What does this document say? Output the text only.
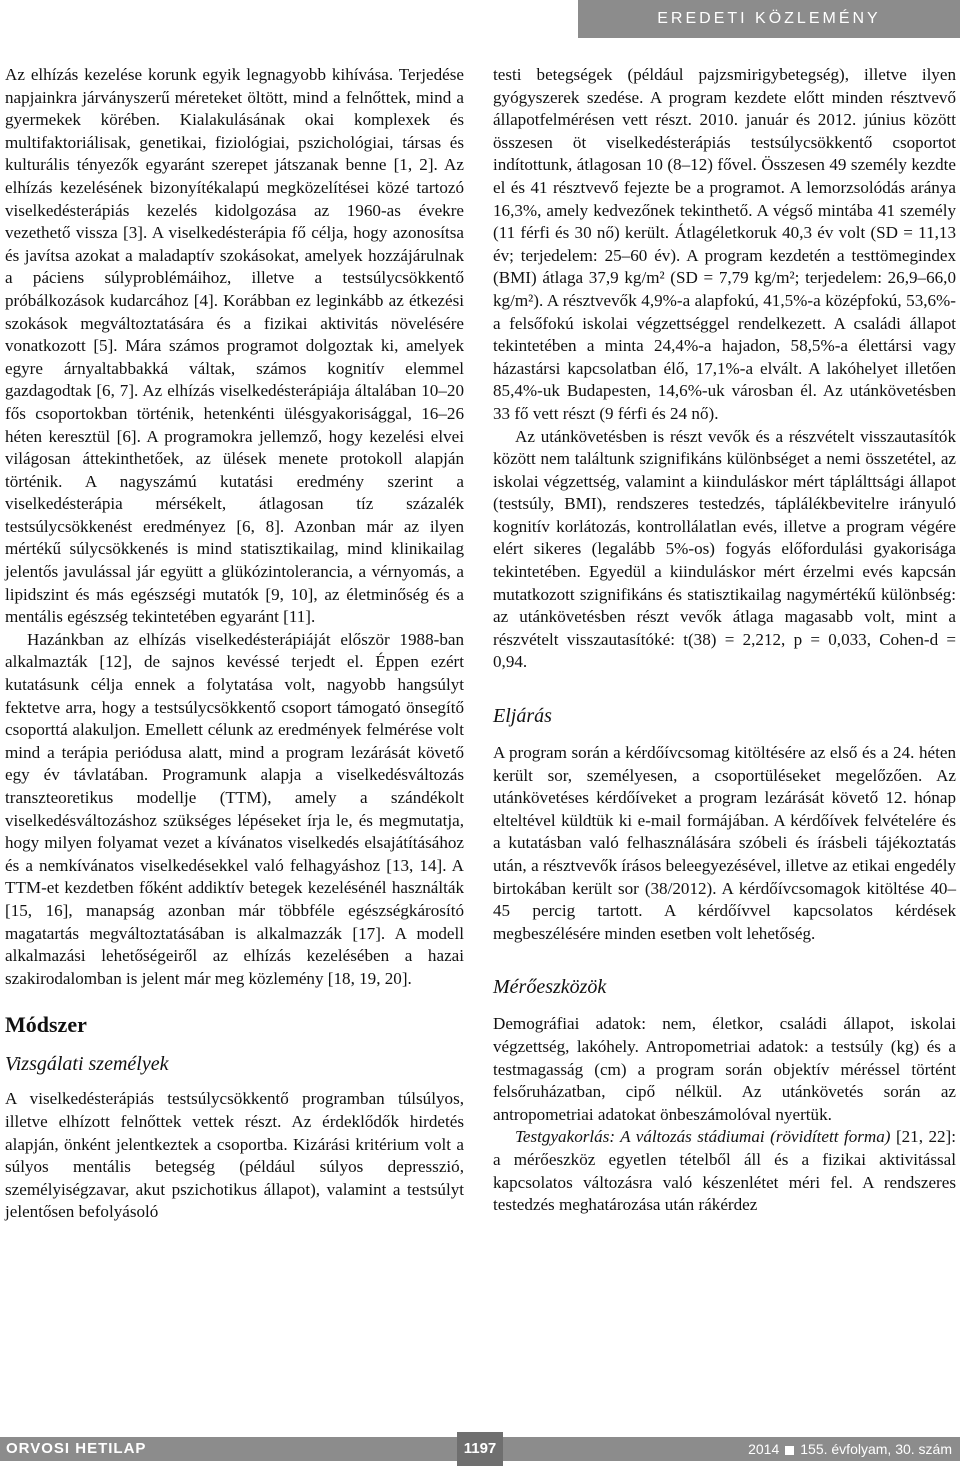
EREDETI KÖZLEMÉNY

Az elhízás kezelése korunk egyik legnagyobb kihívása. Terjedése napjainkra járványszerű méreteket öltött, mind a felnőttek, mind a gyermekek körében. Kialakulásának okai komplexek és multifaktoriálisak, genetikai, fiziológiai, pszichológiai, társas és kulturális tényezők egyaránt szerepet játszanak benne [1, 2]. Az elhízás kezelésének bizonyítékalapú megközelítései közé tartozó viselkedésterápiás kezelés kidolgozása az 1960-as évekre vezethető vissza [3]. A viselkedésterápia fő célja, hogy azonosítsa és javítsa azokat a maladaptív szokásokat, amelyek hozzájárulnak a páciens súlyproblémáihoz, illetve a testsúlycsökkentő próbálkozások kudarcához [4]. Korábban ez leginkább az étkezési szokások megváltoztatására és a fizikai aktivitás növelésére vonatkozott [5]. Mára számos programot dolgoztak ki, amelyek egyre árnyaltabbakká váltak, számos kognitív elemmel gazdagodtak [6, 7]. Az elhízás viselkedésterápiája általában 10–20 fős csoportokban történik, hetenkénti ülésgyakorisággal, 16–26 héten keresztül [6]. A programokra jellemző, hogy kezelési elvei világosan áttekinthetőek, az ülések menete protokoll alapján történik. A nagyszámú kutatási eredmény szerint a viselkedésterápia mérsékelt, átlagosan tíz százalék testsúlycsökkenést eredményez [6, 8]. Azonban már az ilyen mértékű súlycsökkenés is mind statisztikailag, mind klinikailag jelentős javulással jár együtt a glükózintolerancia, a vérnyomás, a lipidszint és más egészségi mutatók [9, 10], az életminőség és a mentális egészség tekintetében egyaránt [11].

Hazánkban az elhízás viselkedésterápiáját először 1988-ban alkalmazták [12], de sajnos kevéssé terjedt el. Éppen ezért kutatásunk célja ennek a folytatása volt, nagyobb hangsúlyt fektetve arra, hogy a testsúlycsökkentő csoport támogató önsegítő csoporttá alakuljon. Emellett célunk az eredmények felmérése volt mind a terápia periódusa alatt, mind a program lezárását követő egy év távlatában. Programunk alapja a viselkedésváltozás transzteoretikus modellje (TTM), amely a szándékolt viselkedésváltozáshoz szükséges lépéseket írja le, és megmutatja, hogy milyen folyamat vezet a kívánatos viselkedés elsajátításához és a nemkívánatos viselkedésekkel való felhagyáshoz [13, 14]. A TTM-et kezdetben főként addiktív betegek kezelésénél használták [15, 16], manapság azonban már többféle egészségkárosító magatartás megváltoztatásában is alkalmazzák [17]. A modell alkalmazási lehetőségeiről az elhízás kezelésében a hazai szakirodalomban is jelent már meg közlemény [18, 19, 20].

Módszer
Vizsgálati személyek

A viselkedésterápiás testsúlycsökkentő programban túlsúlyos, illetve elhízott felnőttek vettek részt. Az érdeklődők hirdetés alapján, önként jelentkeztek a csoportba. Kizárási kritérium volt a súlyos mentális betegség (például súlyos depresszió, személyiségzavar, akut pszichotikus állapot), valamint a testsúlyt jelentősen befolyásoló

testi betegségek (például pajzsmirigybetegség), illetve ilyen gyógyszerek szedése. A program kezdete előtt minden résztvevő állapotfelmérésen vett részt. 2010. január és 2012. június között összesen öt viselkedésterápiás testsúlycsökkentő csoportot indítottunk, átlagosan 10 (8–12) fővel. Összesen 49 személy kezdte el és 41 résztvevő fejezte be a programot. A lemorzsolódás aránya 16,3%, amely kedvezőnek tekinthető. A végső mintába 41 személy (11 férfi és 30 nő) került. Átlagéletkoruk 40,3 év volt (SD = 11,13 év; terjedelem: 25–60 év). A program kezdetén a testtömegindex (BMI) átlaga 37,9 kg/m² (SD = 7,79 kg/m²; terjedelem: 26,9–66,0 kg/m²). A résztvevők 4,9%-a alapfokú, 41,5%-a középfokú, 53,6%-a felsőfokú iskolai végzettséggel rendelkezett. A családi állapot tekintetében a minta 24,4%-a hajadon, 58,5%-a élettársi vagy házastársi kapcsolatban élő, 17,1%-a elvált. A lakóhelyet illetően 85,4%-uk Budapesten, 14,6%-uk városban él. Az utánkövetésben 33 fő vett részt (9 férfi és 24 nő).

Az utánkövetésben is részt vevők és a részvételt visszautasítók között nem találtunk szignifikáns különbséget a nemi összetétel, az iskolai végzettség, valamint a kiinduláskor mért táplálttsági állapot (testsúly, BMI), rendszeres testedzés, táplálékbevitelre irányuló kognitív korlátozás, kontrollálatlan evés, illetve a program végére elért sikeres (legalább 5%-os) fogyás előfordulási gyakorisága tekintetében. Egyedül a kiinduláskor mért érzelmi evés kapcsán mutatkozott szignifikáns és statisztikailag nagymértékű különbség: az utánkövetésben részt vevők átlaga magasabb volt, mint a részvételt visszautasítóké: t(38) = 2,212, p = 0,033, Cohen-d = 0,94.

Eljárás

A program során a kérdőívcsomag kitöltésére az első és a 24. héten került sor, személyesen, a csoportüléseket megelőzően. Az utánkövetéses kérdőíveket a program lezárását követő 12. hónap elteltével küldtük ki e-mail formájában. A kérdőívek felvételére és a kutatásban való felhasználására szóbeli és írásbeli tájékoztatás után, a résztvevők írásos beleegyezésével, illetve az etikai engedély birtokában került sor (38/2012). A kérdőívcsomagok kitöltése 40–45 percig tartott. A kérdőívvel kapcsolatos kérdések megbeszélésére minden esetben volt lehetőség.

Mérőeszközök

Demográfiai adatok: nem, életkor, családi állapot, iskolai végzettség, lakóhely. Antropometriai adatok: a testsúly (kg) és a testmagasság (cm) a program során objektív méréssel történt felsőruházatban, cipő nélkül. Az utánkövetés során az antropometriai adatokat önbeszámolóval nyertük.

Testgyakorlás: A változás stádiumai (rövidített forma) [21, 22]: a mérőeszköz egyetlen tételből áll és a fizikai aktivitással kapcsolatos változásra való készenlétet méri fel. A rendszeres testedzés meghatározása után rákérdez

ORVOSI HETILAP	1197	2014 155. évfolyam, 30. szám
